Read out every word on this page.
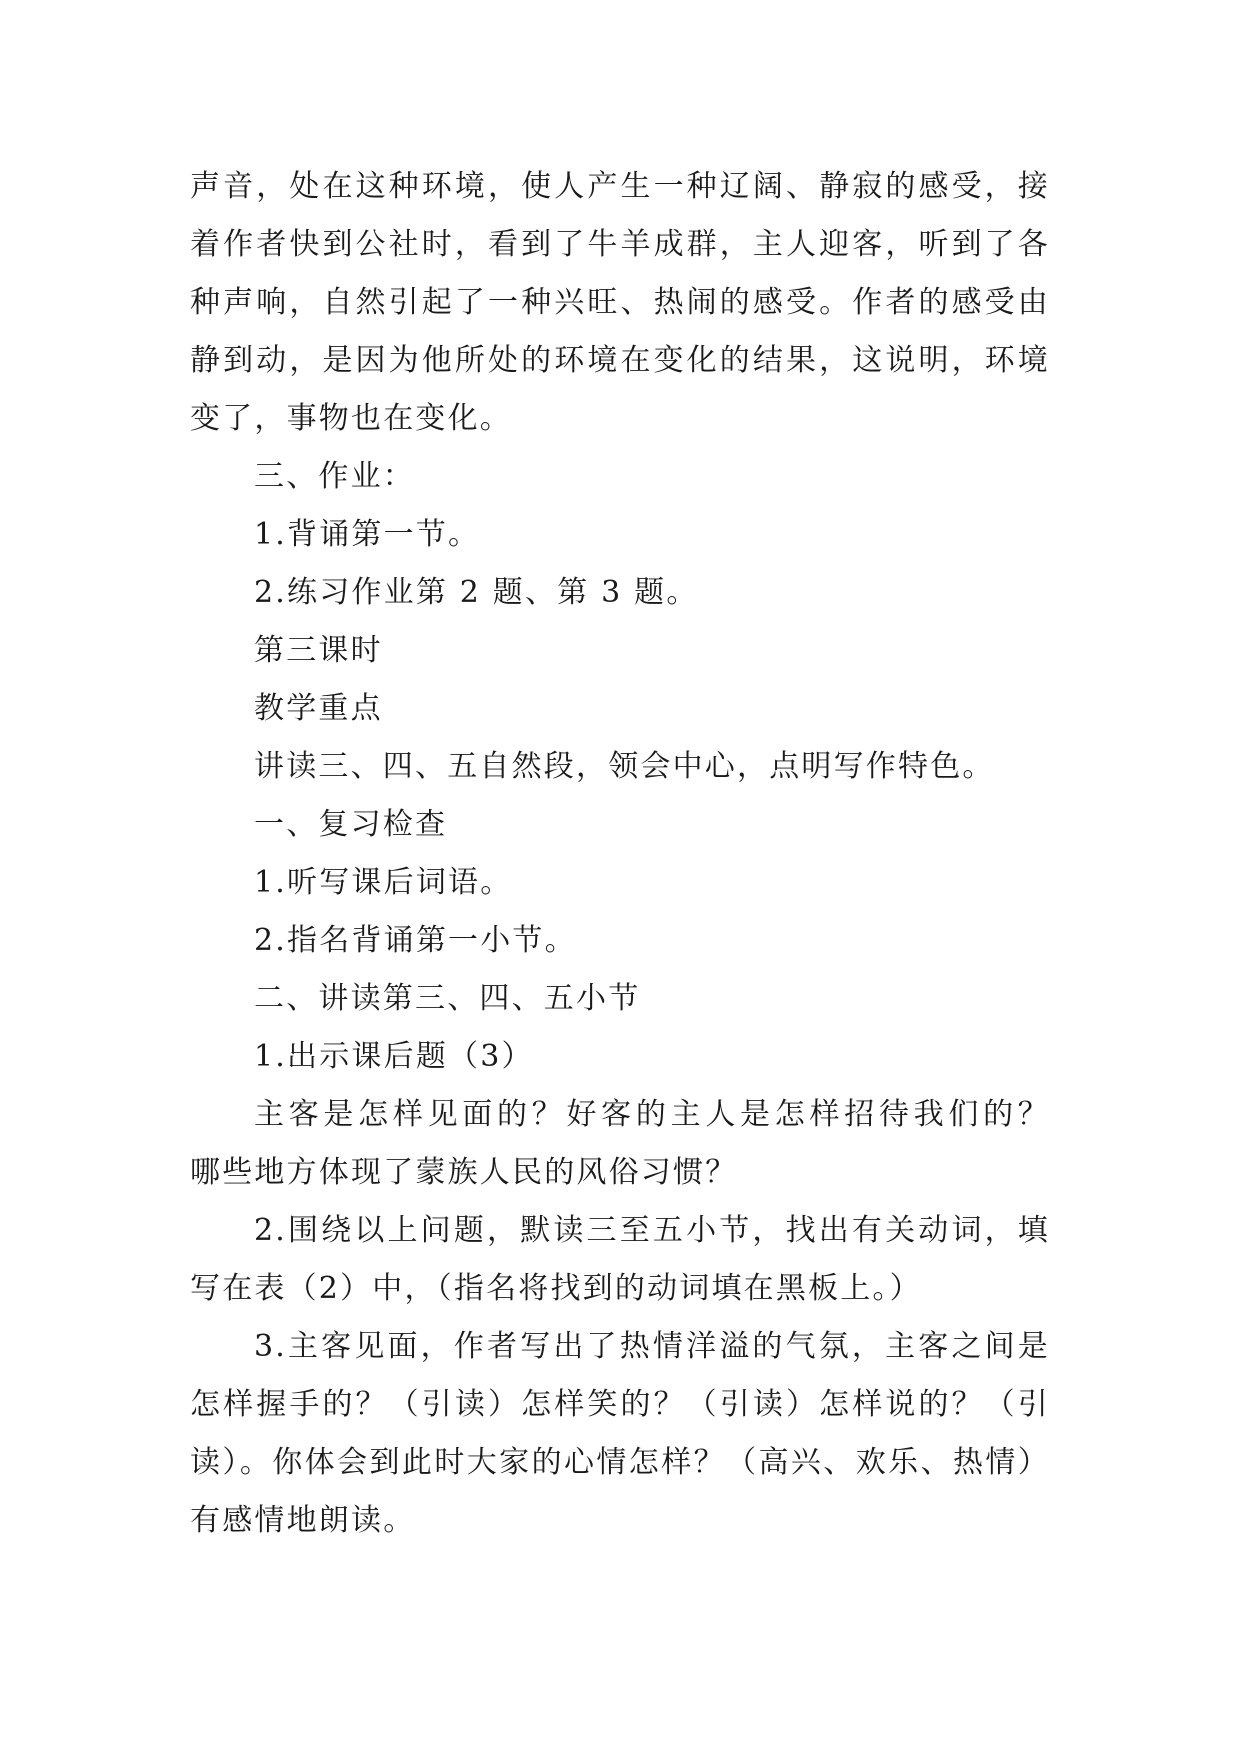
声音，处在这种环境，使人产生一种辽阔、静寂的感受，接
着作者快到公社时，看到了牛羊成群，主人迎客，听到了各
种声响，自然引起了一种兴旺、热闹的感受。作者的感受由
静到动，是因为他所处的环境在变化的结果，这说明，环境
变了，事物也在变化。
三、作业：
1.背诵第一节。
2.练习作业第 2 题、第 3 题。
第三课时
教学重点
讲读三、四、五自然段，领会中心，点明写作特色。
一、复习检查
1.听写课后词语。
2.指名背诵第一小节。
二、讲读第三、四、五小节
1.出示课后题（3）
主客是怎样见面的？好客的主人是怎样招待我们的？
哪些地方体现了蒙族人民的风俗习惯？
2.围绕以上问题，默读三至五小节，找出有关动词，填
写在表（2）中，（指名将找到的动词填在黑板上。）
3.主客见面，作者写出了热情洋溢的气氛，主客之间是
怎样握手的？（引读）怎样笑的？（引读）怎样说的？（引
读）。你体会到此时大家的心情怎样？（高兴、欢乐、热情）
有感情地朗读。
